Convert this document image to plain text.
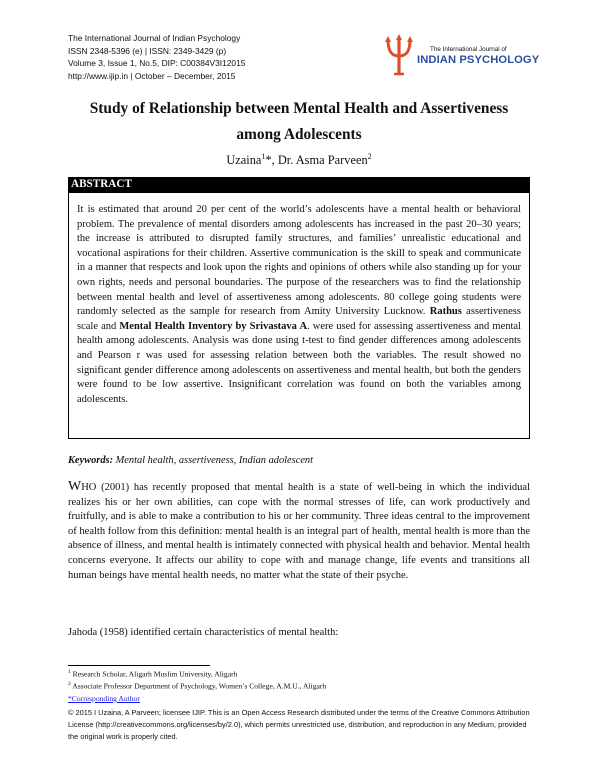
The International Journal of Indian Psychology
ISSN 2348-5396 (e) | ISSN: 2349-3429 (p)
Volume 3, Issue 1, No.5, DIP: C00384V3I12015
http://www.ijip.in | October – December, 2015
The International Journal of
INDIAN PSYCHOLOGY
Study of Relationship between Mental Health and Assertiveness
among Adolescents
Uzaina$^1$*, Dr. Asma Parveen$^2$
ABSTRACT
It is estimated that around 20 per cent of the world’s adolescents have a mental health or behavioral problem. The prevalence of mental disorders among adolescents has increased in the past 20–30 years; the increase is attributed to disrupted family structures, and families’ unrealistic educational and vocational aspirations for their children. Assertive communication is the skill to speak and communicate in a manner that respects and look upon the rights and opinions of others while also standing up for your own rights, needs and personal boundaries. The purpose of the researchers was to find the relationship between mental health and level of assertiveness among adolescents. 80 college going students were randomly selected as the sample for research from Amity University Lucknow. Rathus assertiveness scale and Mental Health Inventory by Srivastava A. were used for assessing assertiveness and mental health among adolescents. Analysis was done using t-test to find gender differences among adolescents and Pearson r was used for assessing relation between both the variables. The result showed no significant gender difference among adolescents on assertiveness and mental health, but both the genders were found to be low assertive. Insignificant correlation was found on both the variables among adolescents.
Keywords: Mental health, assertiveness, Indian adolescent

WHO (2001) has recently proposed that mental health is a state of well-being in which the individual realizes his or her own abilities, can cope with the normal stresses of life, can work productively and fruitfully, and is able to make a contribution to his or her community. Three ideas central to the improvement of health follow from this definition: mental health is an integral part of health, mental health is more than the absence of illness, and mental health is intimately connected with physical health and behavior. Mental health concerns everyone. It affects our ability to cope with and manage change, life events and transitions all human beings have mental health needs, no matter what the state of their psyche.

Jahoda (1958) identified certain characteristics of mental health:

$^1$ Research Scholar, Aligarh Muslim University, Aligarh
$^2$ Associate Professor Department of Psychology, Women’s College, A.M.U., Aligarh
*Corresponding Author

© 2015 I Uzaina, A Parveen; licensee IJIP. This is an Open Access Research distributed under the terms of the Creative Commons Attribution License (http://creativecommons.org/licenses/by/2.0), which permits unrestricted use, distribution, and reproduction in any Medium, provided the original work is properly cited.
